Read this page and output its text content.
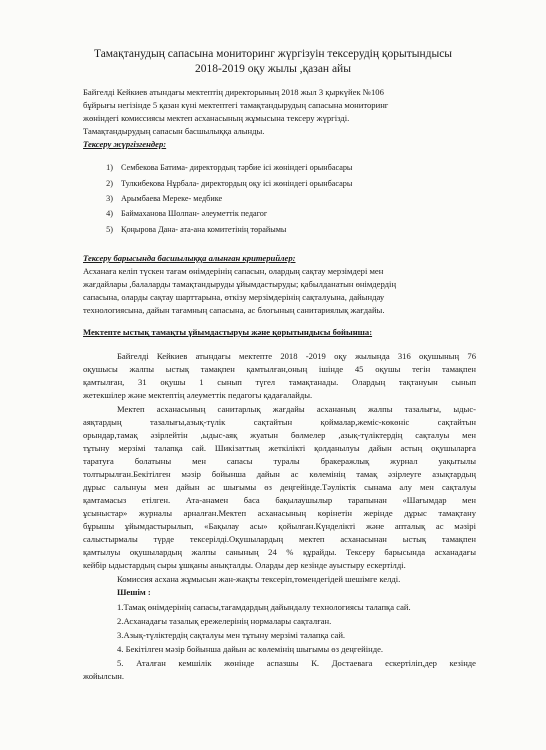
Тамақтанудың сапасына мониторинг жүргізуін тексерудің қорытындысы
2018-2019 оқу жылы ,қазан айы
Байгелді Кейкиев атындағы мектептің директорының 2018 жыл 3 қыркүйек №106
бұйрығы негізінде 5 қазан күні мектептегі тамақтандырудың сапасына мониторинг
жөніндегі комиссиясы мектеп асханасының жұмысына тексеру жүргізді.
Тамақтандырудың сапасын басшылыққа алынды.
Тексеру жүргізгендер:
1) Сембекова Батима- директордың тәрбие ісі жөніндегі орынбасары
2) Тулкибекова Нұрбала- директордың оқу ісі жөніндегі орынбасары
3) Арымбаева Мереке- медбике
4) Баймаханова Шолпан- әлеуметтік педагог
5) Қоңырова Дана- ата-ана комитетінің төрайымы
Тексеру барысында басшылыққа алынған критерийлер:
Асханаға келіп түскен тағам өнімдерінің сапасын, олардың сақтау мерзімдері мен
жағдайлары ,балаларды тамақтандыруды ұйымдастыруды; қабылданатын өнімдердің
сапасына, оларды сақтау шарттарына, өткізу мерзімдерінің сақталуына, дайындау
технологиясына, дайын тағамның сапасына, ас блогының санитариялық жағдайы.
Мектепте ыстық тамақты ұйымдастыруы және қорытындысы бойынша:
Байгелді Кейкиев атындағы мектепте 2018 -2019 оқу жылында 316 оқушының 76
оқушысы жалпы ыстық тамақпен қамтылған,оның ішінде 45 оқушы тегін тамақпен
қамтылған, 31 оқушы 1 сынып түгел тамақтанады. Олардың тақтануын сынып
жетекшілер және мектептің әлеуметтік педагогы қадағалайды.
Мектеп асханасының санитарлық жағдайы асхананың жалпы тазалығы, ыдыс-
аяқтардың тазалығы,азық-түлік сақтайтын қоймалар,жеміс-көкөніс сақтайтын
орындар,тамақ әзірлейтін ,ыдыс-аяқ жуатын бөлмелер ,азық-түліктердің сақталуы мен
тұтыну мерзімі талапқа сай. Шикізаттың жеткілікті қолданылуы дайын астың оқушыларға
таратуға болатыны мен сапасы туралы бракеражлық журнал уақытылы
толтырылған.Бекітілген мәзір бойынша дайын ас көлемінің тамақ әзірлеуге азықтардың
дұрыс салынуы мен дайын ас шығымы өз деңгейінде.Тәуліктік сынама алу мен сақталуы
қамтамасыз етілген. Ата-анамен баса бақылаушылыр тарапынан «Шағымдар мен
ұсыныстар» журналы арналған.Мектеп асханасының көрінетін жерінде дұрыс тамақтану
бұрышы ұйымдастырылып, «Бақылау асы» қойылған.Күнделікті және апталық ас мәзірі
салыстырмалы түрде тексерілді.Оқушылардың мектеп асханасынан ыстық тамақпен
қамтылуы оқушылардың жалпы санының 24 % құрайды. Тексеру барысында асханадағы
кейбір ыдыстардың сыры ұшқаны анықталды. Оларды дер кезінде ауыстыру ескертілді.
Комиссия асхана жұмысын жан-жақты тексеріп,төмендегідей шешімге келді.
Шешім :
1.Тамақ өнімдерінің сапасы,тағамдардың дайындалу технологиясы талапқа сай.
2.Асханадағы тазалық ережелерінің нормалары сақталған.
3.Азық-түліктердің сақталуы мен тұтыну мерзімі талапқа сай.
4. Бекітілген мәзір бойынша дайын ас көлемінің шығымы өз деңгейінде.
5. Аталған кемшілік жөнінде аспазшы К. Достаевага ескертіліп,дер кезінде
жойылсын.
